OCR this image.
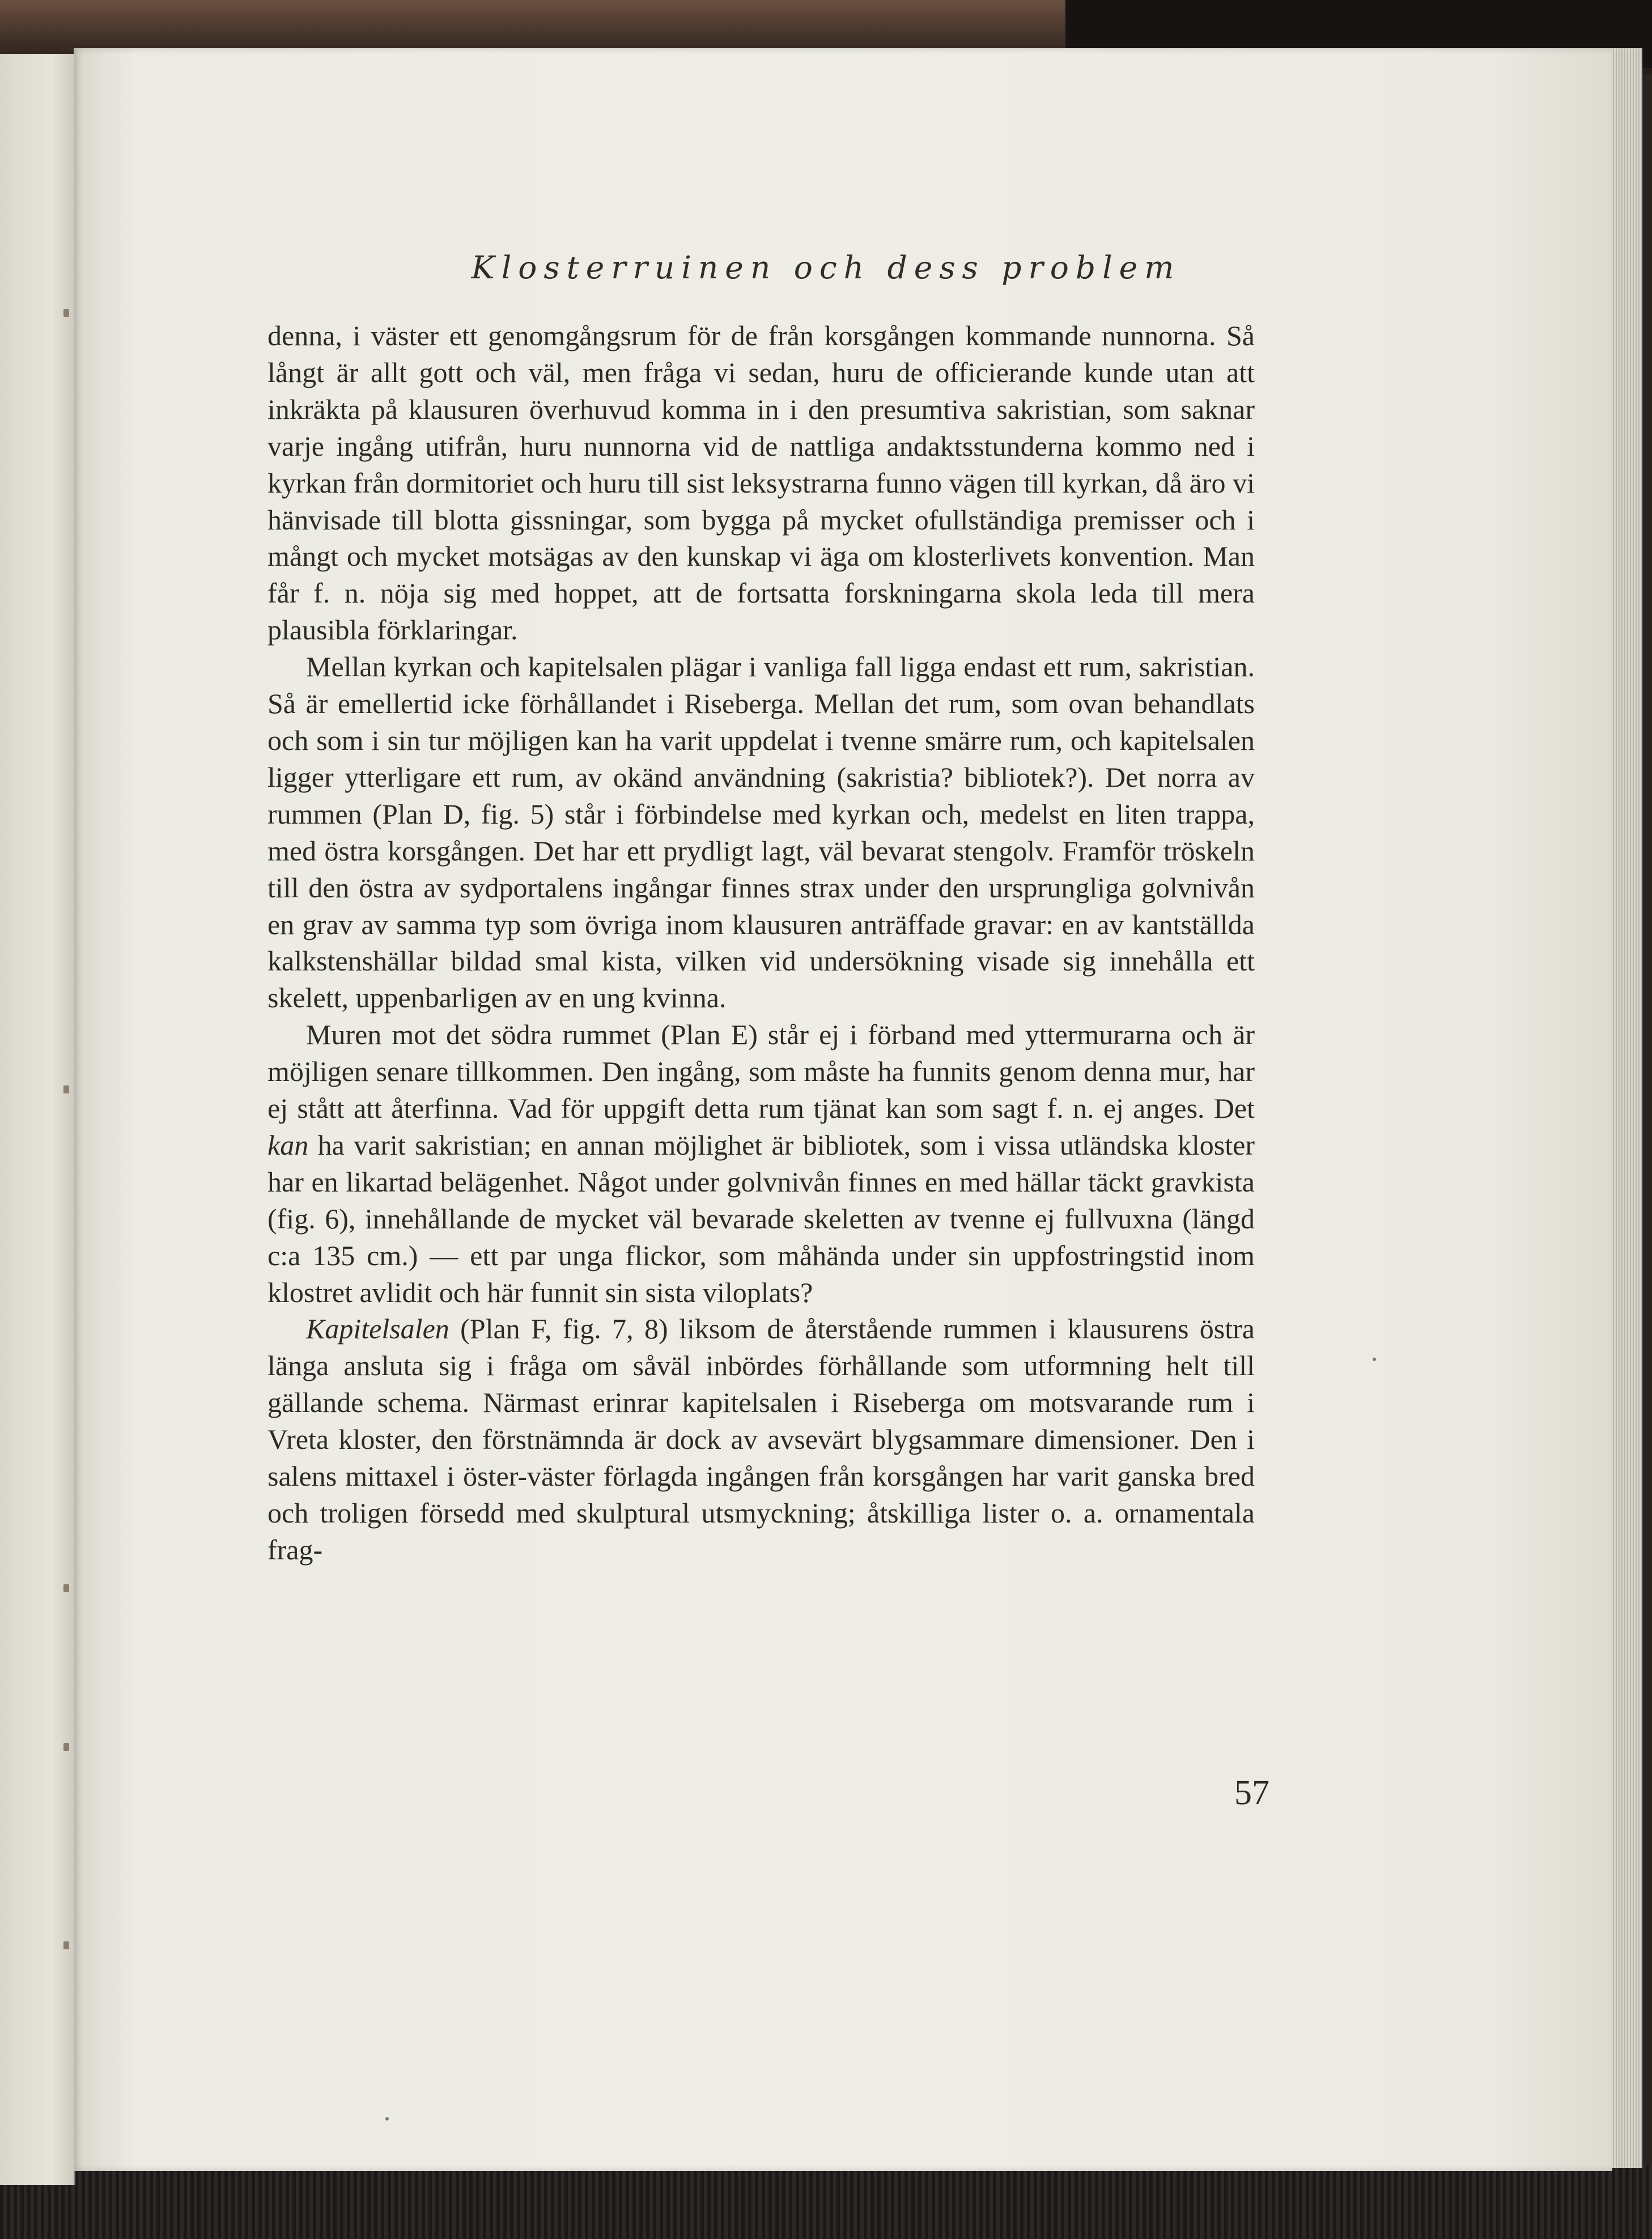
Klosterruinen och dess problem

denna, i väster ett genomgångsrum för de från korsgången kommande nunnorna. Så långt är allt gott och väl, men fråga vi sedan, huru de officierande kunde utan att inkräkta på klausuren överhuvud komma in i den presumtiva sakristian, som saknar varje ingång utifrån, huru nunnorna vid de nattliga andaktsstunderna kommo ned i kyrkan från dormitoriet och huru till sist leksystrarna funno vägen till kyrkan, då äro vi hänvisade till blotta gissningar, som bygga på mycket ofullständiga premisser och i mångt och mycket motsägas av den kunskap vi äga om klosterlivets konvention. Man får f. n. nöja sig med hoppet, att de fortsatta forskningarna skola leda till mera plausibla förklaringar.

Mellan kyrkan och kapitelsalen plägar i vanliga fall ligga endast ett rum, sakristian. Så är emellertid icke förhållandet i Riseberga. Mellan det rum, som ovan behandlats och som i sin tur möjligen kan ha varit uppdelat i tvenne smärre rum, och kapitelsalen ligger ytterligare ett rum, av okänd användning (sakristia? bibliotek?). Det norra av rummen (Plan D, fig. 5) står i förbindelse med kyrkan och, medelst en liten trappa, med östra korsgången. Det har ett prydligt lagt, väl bevarat stengolv. Framför tröskeln till den östra av sydportalens ingångar finnes strax under den ursprungliga golvnivån en grav av samma typ som övriga inom klausuren anträffade gravar: en av kantställda kalkstenshällar bildad smal kista, vilken vid undersökning visade sig innehålla ett skelett, uppenbarligen av en ung kvinna.

Muren mot det södra rummet (Plan E) står ej i förband med yttermurarna och är möjligen senare tillkommen. Den ingång, som måste ha funnits genom denna mur, har ej stått att återfinna. Vad för uppgift detta rum tjänat kan som sagt f. n. ej anges. Det kan ha varit sakristian; en annan möjlighet är bibliotek, som i vissa utländska kloster har en likartad belägenhet. Något under golvnivån finnes en med hällar täckt gravkista (fig. 6), innehållande de mycket väl bevarade skeletten av tvenne ej fullvuxna (längd c:a 135 cm.) — ett par unga flickor, som måhända under sin uppfostringstid inom klostret avlidit och här funnit sin sista viloplats?

Kapitelsalen (Plan F, fig. 7, 8) liksom de återstående rummen i klausurens östra länga ansluta sig i fråga om såväl inbördes förhållande som utformning helt till gällande schema. Närmast erinrar kapitelsalen i Riseberga om motsvarande rum i Vreta kloster, den förstnämnda är dock av avsevärt blygsammare dimensioner. Den i salens mittaxel i öster-väster förlagda ingången från korsgången har varit ganska bred och troligen försedd med skulptural utsmyckning; åtskilliga lister o. a. ornamentala frag-

57
